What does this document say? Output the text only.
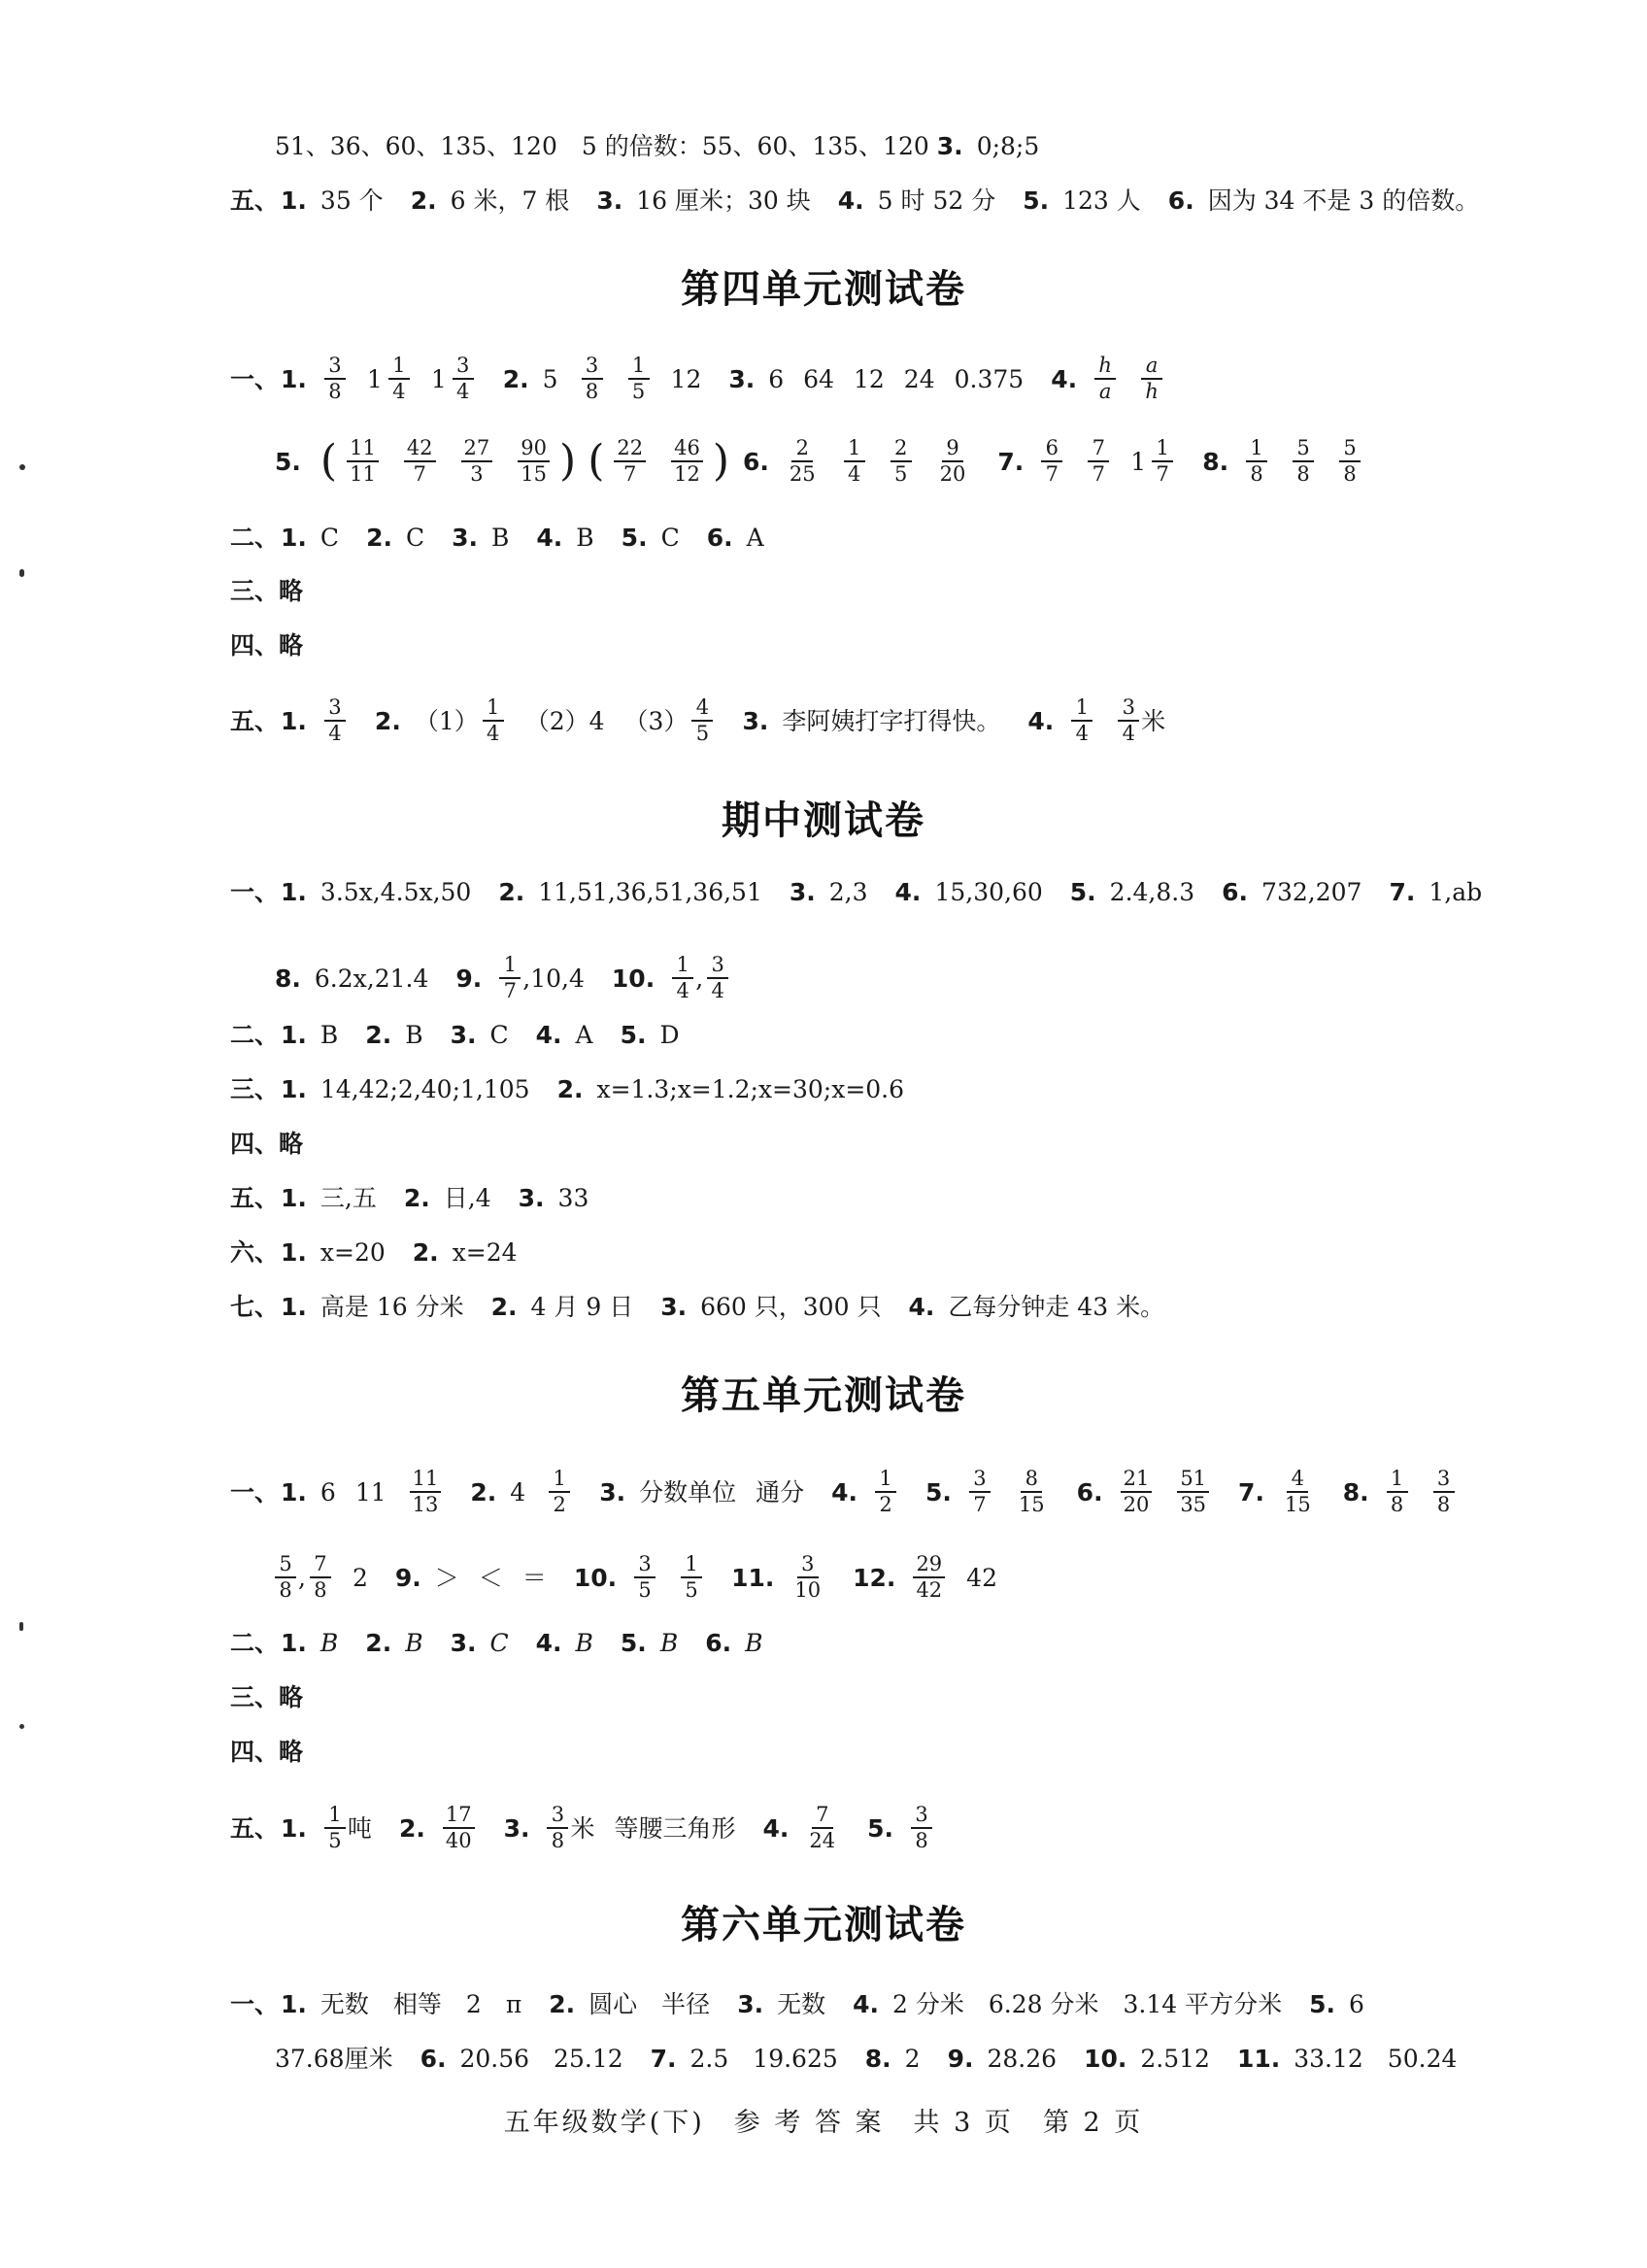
51、36、60、135、120　5 的倍数：55、60、135、120 3. 0;8;5
五、 1. 35 个 2. 6 米，7 根 3. 16 厘米；30 块 4. 5 时 52 分 5. 123 人 6. 因为 34 不是 3 的倍数。
第四单元测试卷
一、 1. $\frac{3}{8} 1 \frac{1}{4} 1 \frac{3}{4} 2$. $5 \frac{3}{8} \frac{1}{5} 12$ 3. 6 64 12 24 0.375 4. $\frac{h}{a} \frac{a}{h}$
5. ( $\frac{11}{11} \frac{42}{7} \frac{27}{3} \frac{90}{15}$ ) ( $\frac{22}{7} \frac{46}{12}$ ) 6. $\frac{2}{25} \frac{1}{4} \frac{2}{5} \frac{9}{20} 7$. $\frac{6}{7} \frac{7}{7} 1 \frac{1}{7} 8$. $\frac{1}{8} \frac{5}{8} \frac{5}{8}$
二、 1. C 2. C 3. B 4. B 5. C 6. A
三、略
四、略
五、 1. $\frac{3}{4} 2$. $(1) \frac{1}{4} (2)4$ $(3) \frac{4}{5} 3$. 李阿姨打字打得快。 4. $\frac{1}{4} \frac{3}{4}$ 米
期中测试卷
一、 1. 3.5x,4.5x,50 2. 11,51,36,51,36,51 3. 2,3 4. 15,30,60 5. 2.4,8.3 6. 732,207 7. 1,ab
8. 6.2x,21.4 9. $\frac{1}{7} ,10,4$ 10. $\frac{1}{4}$ , $\frac{3}{4}$
二、 1. B 2. B 3. C 4. A 5. D
三、 1. 14,42;2,40;1,105 2. x=1.3;x=1.2;x=30;x=0.6
四、略
五、 1. 三,五 2. 日,4 3. 33
六、 1. x=20 2. x=24
七、 1. 高是 16 分米 2. 4 月 9 日 3. 660 只，300 只 4. 乙每分钟走 43 米。
第五单元测试卷
一、 1. 6 $11 \frac{11}{13} 2$. $4 \frac{1}{2} 3$. 分数单位 通分 4. $\frac{1}{2} 5$. $\frac{3}{7} \frac{8}{15} 6$. $\frac{21}{20} \frac{51}{35} 7$. $\frac{4}{15} 8$. $\frac{1}{8} \frac{3}{8}$
$\frac{5}{8}$ , $\frac{7}{8} 2$ 9. ＞ ＜ ＝ 10. $\frac{3}{5} \frac{1}{5} 11$. $\frac{3}{10} 12$. $\frac{29}{42} 42$
二、 1. B 2. B 3. C 4. B 5. B 6. B
三、略
四、略
五、 1. $\frac{1}{5}$ 吨 2. $\frac{17}{40} 3$. $\frac{3}{8}$ 米 等腰三角形 4. $\frac{7}{24} 5$. $\frac{3}{8}$
第六单元测试卷
一、 1. 无数　相等　2　π 2. 圆心　半径 3. 无数 4. 2 分米　6.28 分米　3.14 平方分米 5. 6
37.68厘米 6. 20.56　25.12 7. 2.5　19.625 8. 2 9. 28.26 10. 2.512 11. 33.12　50.24
五年级数学(下)　参 考 答 案　共 3 页　第 2 页
